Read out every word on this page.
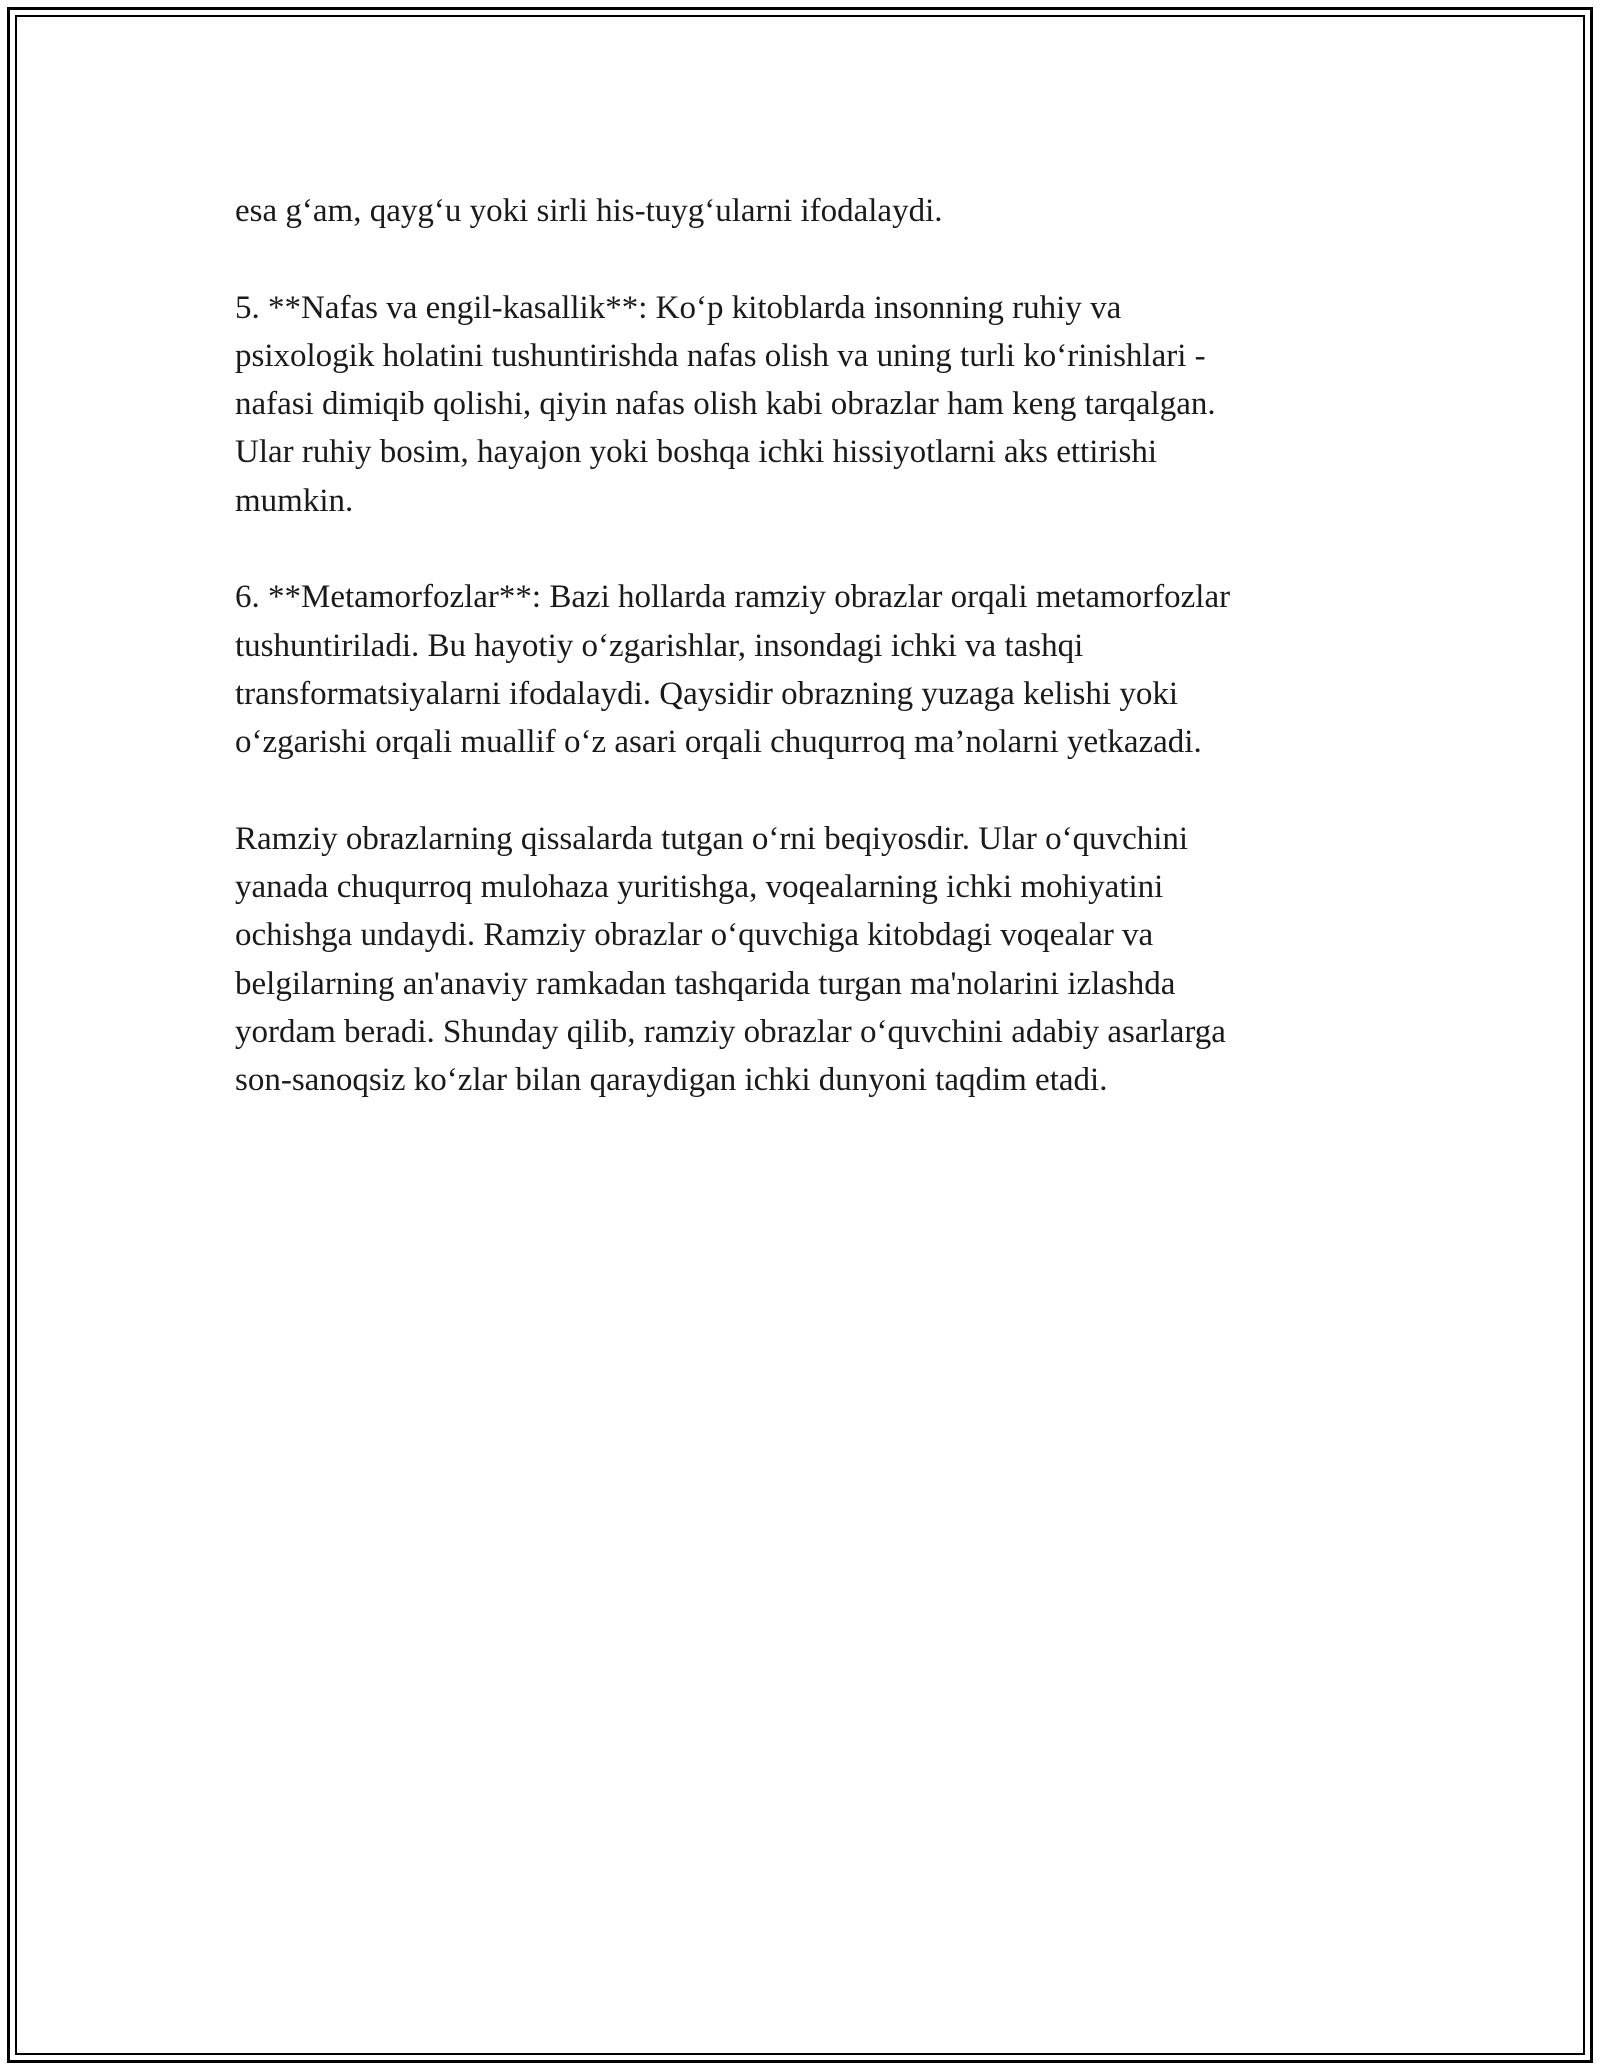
esa g‘am, qayg‘u yoki sirli his-tuyg‘ularni ifodalaydi.

5. **Nafas va engil-kasallik**: Ko‘p kitoblarda insonning ruhiy va
psixologik holatini tushuntirishda nafas olish va uning turli ko‘rinishlari -
nafasi dimiqib qolishi, qiyin nafas olish kabi obrazlar ham keng tarqalgan.
Ular ruhiy bosim, hayajon yoki boshqa ichki hissiyotlarni aks ettirishi
mumkin.

6. **Metamorfozlar**: Bazi hollarda ramziy obrazlar orqali metamorfozlar
tushuntiriladi. Bu hayotiy o‘zgarishlar, insondagi ichki va tashqi
transformatsiyalarni ifodalaydi. Qaysidir obrazning yuzaga kelishi yoki
o‘zgarishi orqali muallif o‘z asari orqali chuqurroq ma’nolarni yetkazadi.

Ramziy obrazlarning qissalarda tutgan o‘rni beqiyosdir. Ular o‘quvchini
yanada chuqurroq mulohaza yuritishga, voqealarning ichki mohiyatini
ochishga undaydi. Ramziy obrazlar o‘quvchiga kitobdagi voqealar va
belgilarning an'anaviy ramkadan tashqarida turgan ma'nolarini izlashda
yordam beradi. Shunday qilib, ramziy obrazlar o‘quvchini adabiy asarlarga
son-sanoqsiz ko‘zlar bilan qaraydigan ichki dunyoni taqdim etadi.
